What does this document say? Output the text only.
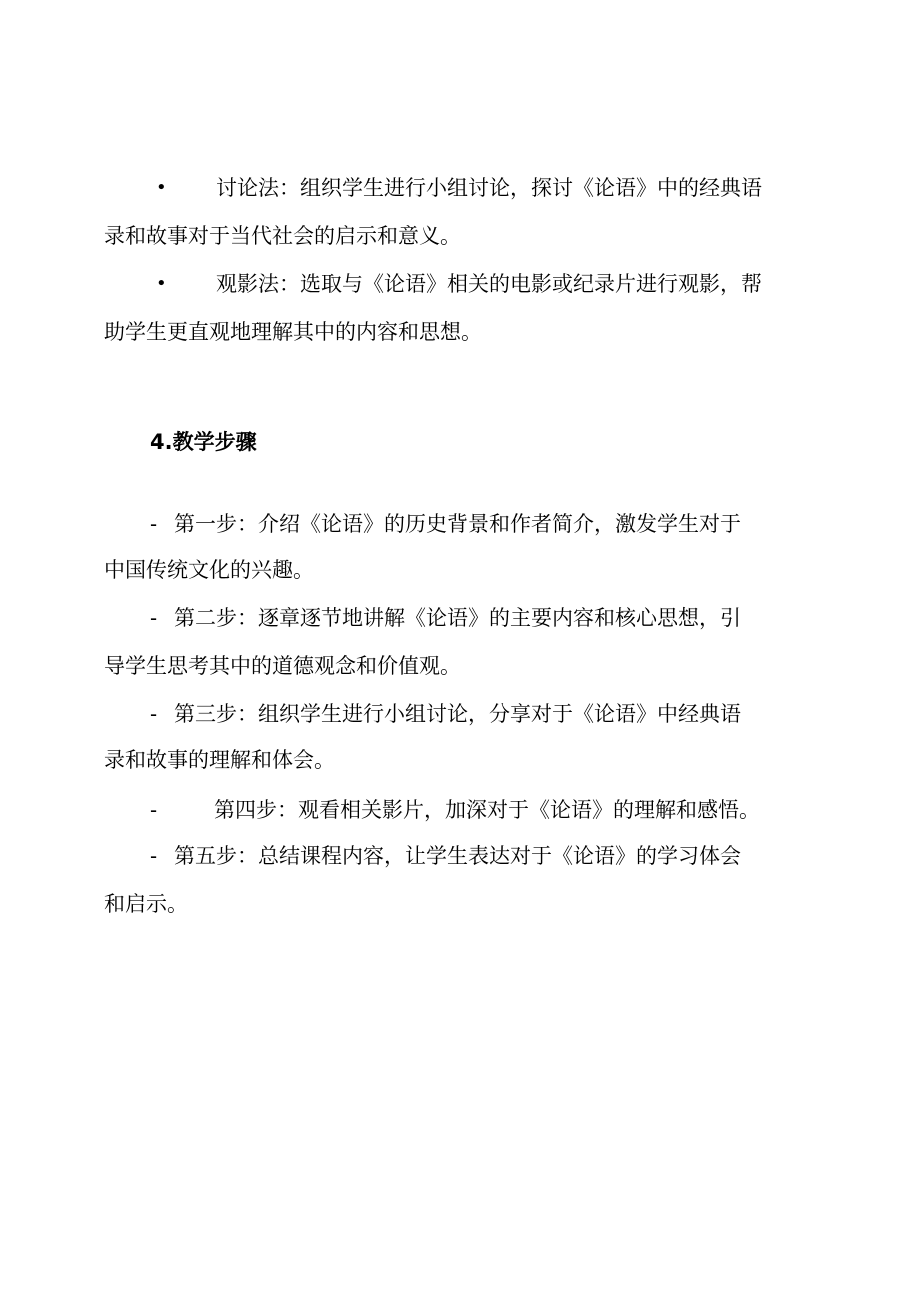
• 讨论法：组织学生进行小组讨论，探讨《论语》中的经典语
录和故事对于当代社会的启示和意义。
• 观影法：选取与《论语》相关的电影或纪录片进行观影，帮
助学生更直观地理解其中的内容和思想。
4.教学步骤
- 第一步：介绍《论语》的历史背景和作者简介，激发学生对于
中国传统文化的兴趣。
- 第二步：逐章逐节地讲解《论语》的主要内容和核心思想，引
导学生思考其中的道德观念和价值观。
- 第三步：组织学生进行小组讨论，分享对于《论语》中经典语
录和故事的理解和体会。
-	第四步：观看相关影片，加深对于《论语》的理解和感悟。
- 第五步：总结课程内容，让学生表达对于《论语》的学习体会
和启示。
